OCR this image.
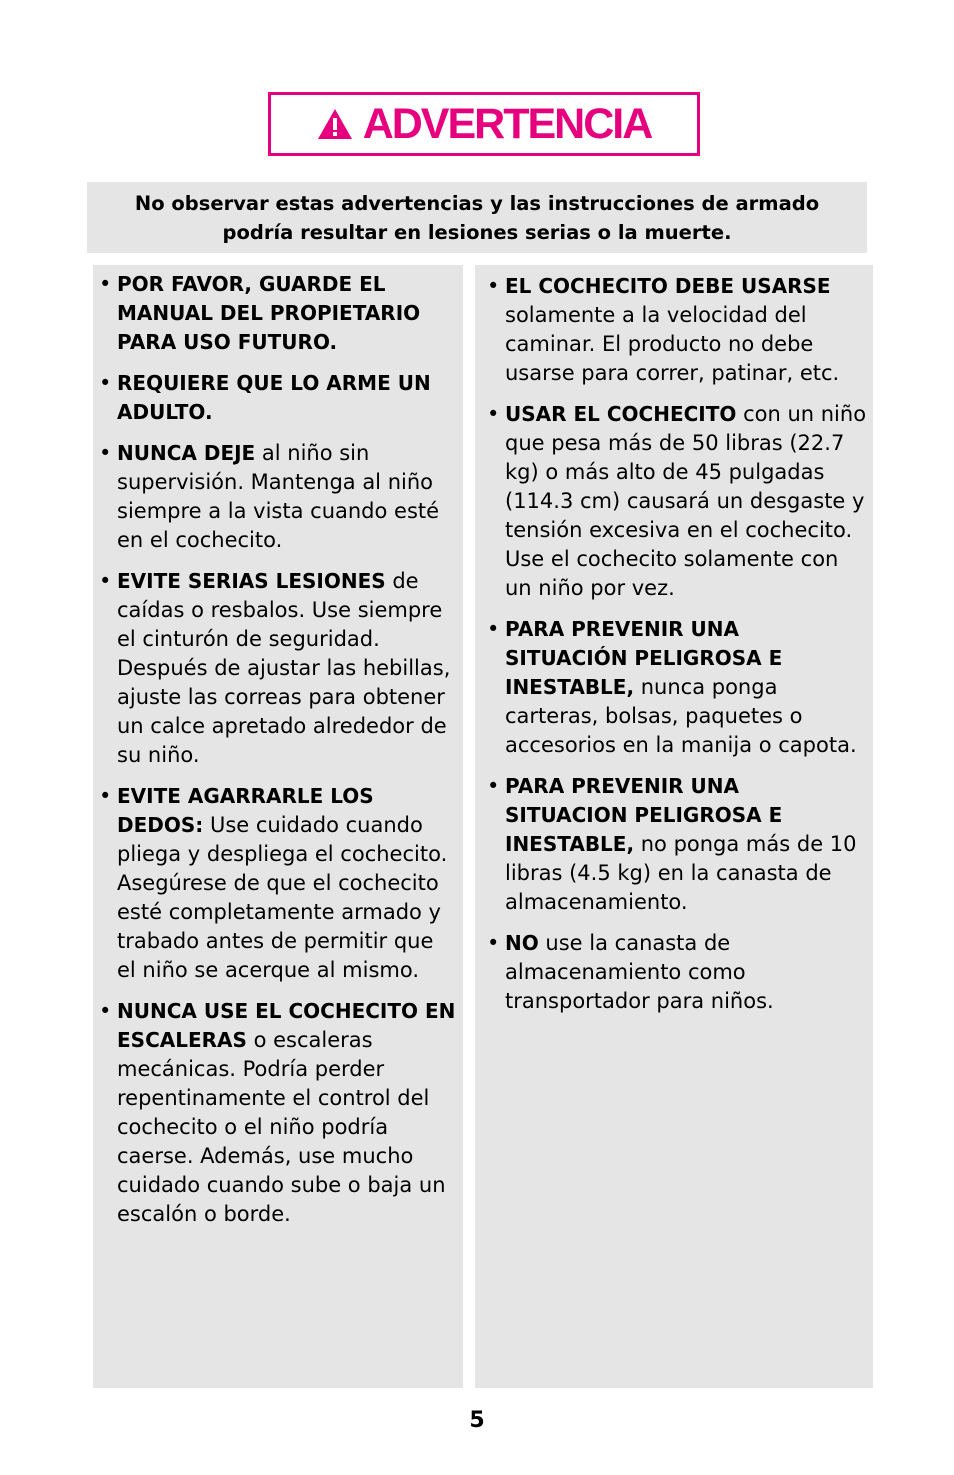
ADVERTENCIA
No observar estas advertencias y las instrucciones de armado podría resultar en lesiones serias o la muerte.
• POR FAVOR, GUARDE EL MANUAL DEL PROPIETARIO PARA USO FUTURO.
• REQUIERE QUE LO ARME UN ADULTO.
• NUNCA DEJE al niño sin supervisión. Mantenga al niño siempre a la vista cuando esté en el cochecito.
• EVITE SERIAS LESIONES de caídas o resbalos. Use siempre el cinturón de seguridad. Después de ajustar las hebillas, ajuste las correas para obtener un calce apretado alrededor de su niño.
• EVITE AGARRARLE LOS DEDOS: Use cuidado cuando pliega y despliega el cochecito. Asegúrese de que el cochecito esté completamente armado y trabado antes de permitir que el niño se acerque al mismo.
• NUNCA USE EL COCHECITO EN ESCALERAS o escaleras mecánicas. Podría perder repentinamente el control del cochecito o el niño podría caerse. Además, use mucho cuidado cuando sube o baja un escalón o borde.
• EL COCHECITO DEBE USARSE solamente a la velocidad del caminar. El producto no debe usarse para correr, patinar, etc.
• USAR EL COCHECITO con un niño que pesa más de 50 libras (22.7 kg) o más alto de 45 pulgadas (114.3 cm) causará un desgaste y tensión excesiva en el cochecito. Use el cochecito solamente con un niño por vez.
• PARA PREVENIR UNA SITUACIÓN PELIGROSA E INESTABLE, nunca ponga carteras, bolsas, paquetes o accesorios en la manija o capota.
• PARA PREVENIR UNA SITUACION PELIGROSA E INESTABLE, no ponga más de 10 libras (4.5 kg) en la canasta de almacenamiento.
• NO use la canasta de almacenamiento como transportador para niños.
5
